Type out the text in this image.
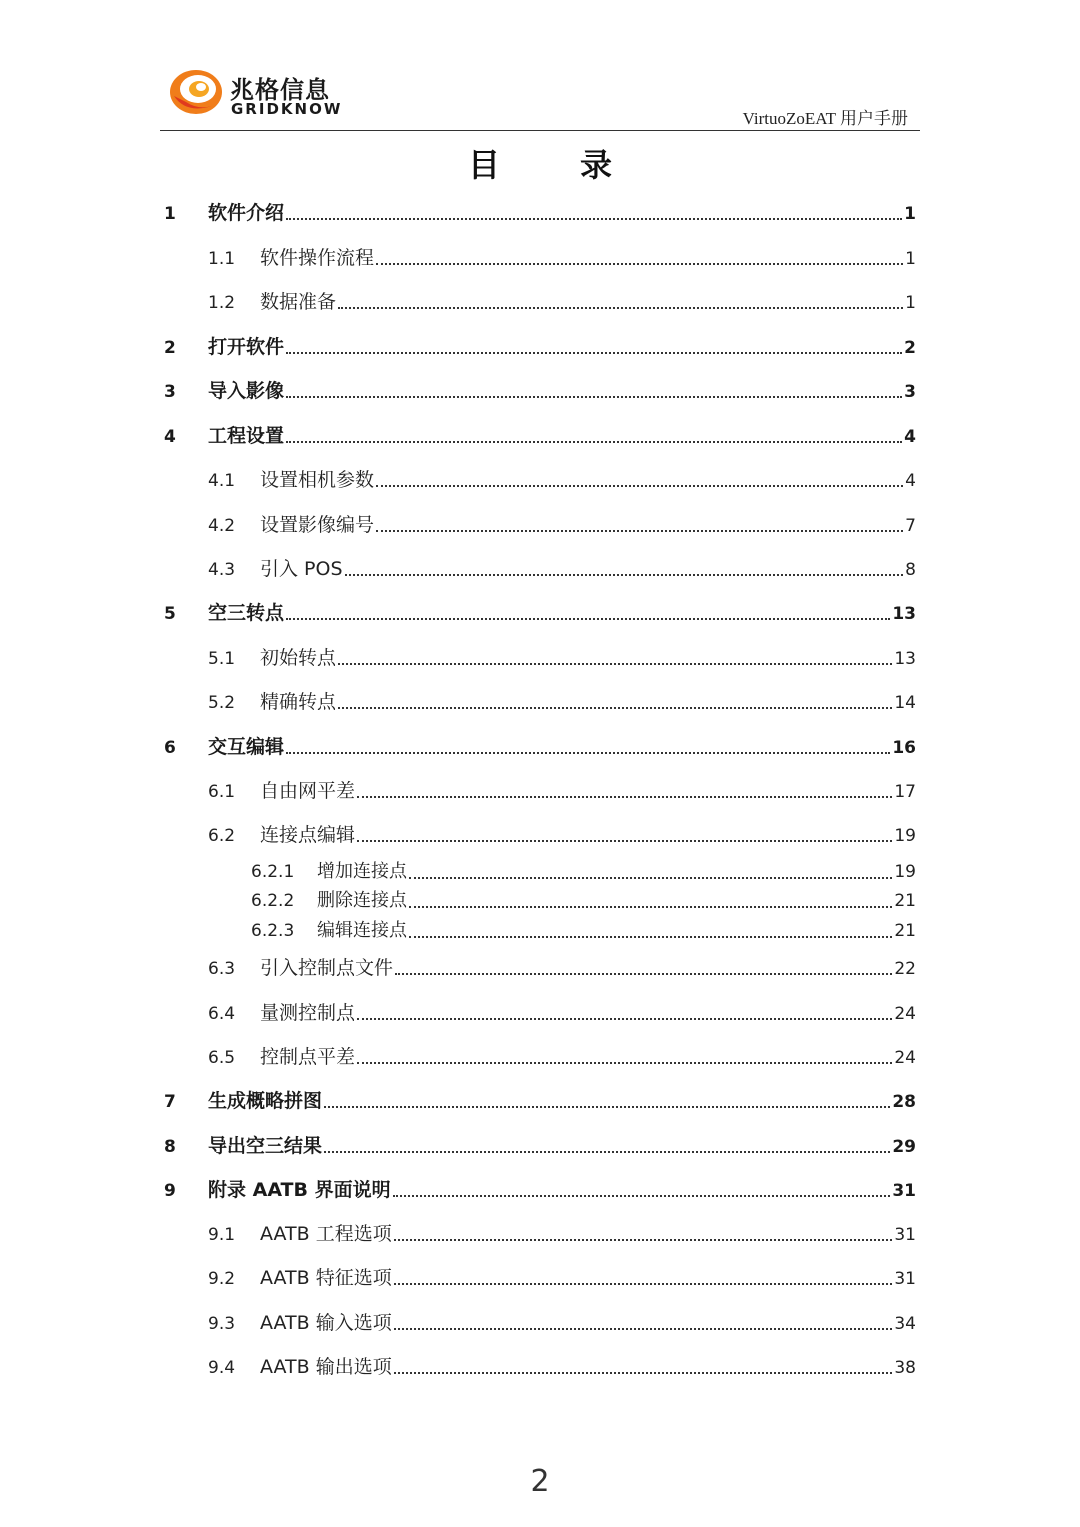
兆格信息
GRIDKNOW	VirtuoZoEAT 用户手册
目	录
1	软件介绍	1
1.1	软件操作流程	1
1.2	数据准备	1
2	打开软件	2
3	导入影像	3
4	工程设置	4
4.1	设置相机参数	4
4.2	设置影像编号	7
4.3	引入 POS	8
5	空三转点	13
5.1	初始转点	13
5.2	精确转点	14
6	交互编辑	16
6.1	自由网平差	17
6.2	连接点编辑	19
6.2.1	增加连接点	19
6.2.2	删除连接点	21
6.2.3	编辑连接点	21
6.3	引入控制点文件	22
6.4	量测控制点	24
6.5	控制点平差	24
7	生成概略拼图	28
8	导出空三结果	29
9	附录 AATB 界面说明	31
9.1	AATB 工程选项	31
9.2	AATB 特征选项	31
9.3	AATB 输入选项	34
9.4	AATB 输出选项	38
2
